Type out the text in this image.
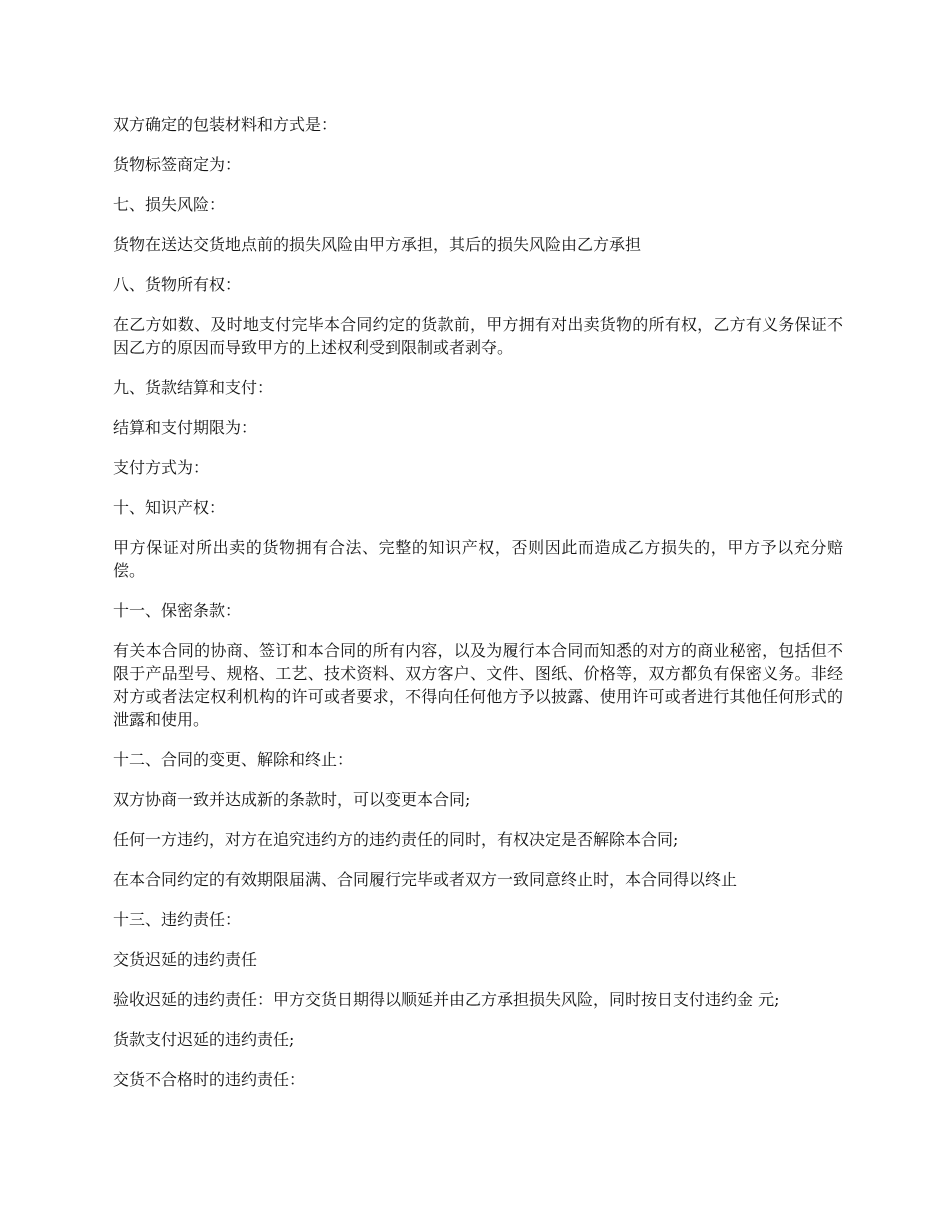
双方确定的包装材料和方式是：

货物标签商定为：

七、损失风险：

货物在送达交货地点前的损失风险由甲方承担，其后的损失风险由乙方承担

八、货物所有权：

在乙方如数、及时地支付完毕本合同约定的货款前，甲方拥有对出卖货物的所有权，乙方有义务保证不因乙方的原因而导致甲方的上述权利受到限制或者剥夺。

九、货款结算和支付：

结算和支付期限为：

支付方式为：

十、知识产权：

甲方保证对所出卖的货物拥有合法、完整的知识产权，否则因此而造成乙方损失的，甲方予以充分赔偿。

十一、保密条款：

有关本合同的协商、签订和本合同的所有内容，以及为履行本合同而知悉的对方的商业秘密，包括但不限于产品型号、规格、工艺、技术资料、双方客户、文件、图纸、价格等，双方都负有保密义务。非经对方或者法定权利机构的许可或者要求，不得向任何他方予以披露、使用许可或者进行其他任何形式的泄露和使用。

十二、合同的变更、解除和终止：

双方协商一致并达成新的条款时，可以变更本合同;

任何一方违约，对方在追究违约方的违约责任的同时，有权决定是否解除本合同;

在本合同约定的有效期限届满、合同履行完毕或者双方一致同意终止时，本合同得以终止

十三、违约责任：

交货迟延的违约责任

验收迟延的违约责任：甲方交货日期得以顺延并由乙方承担损失风险，同时按日支付违约金 元;

货款支付迟延的违约责任;

交货不合格时的违约责任：
